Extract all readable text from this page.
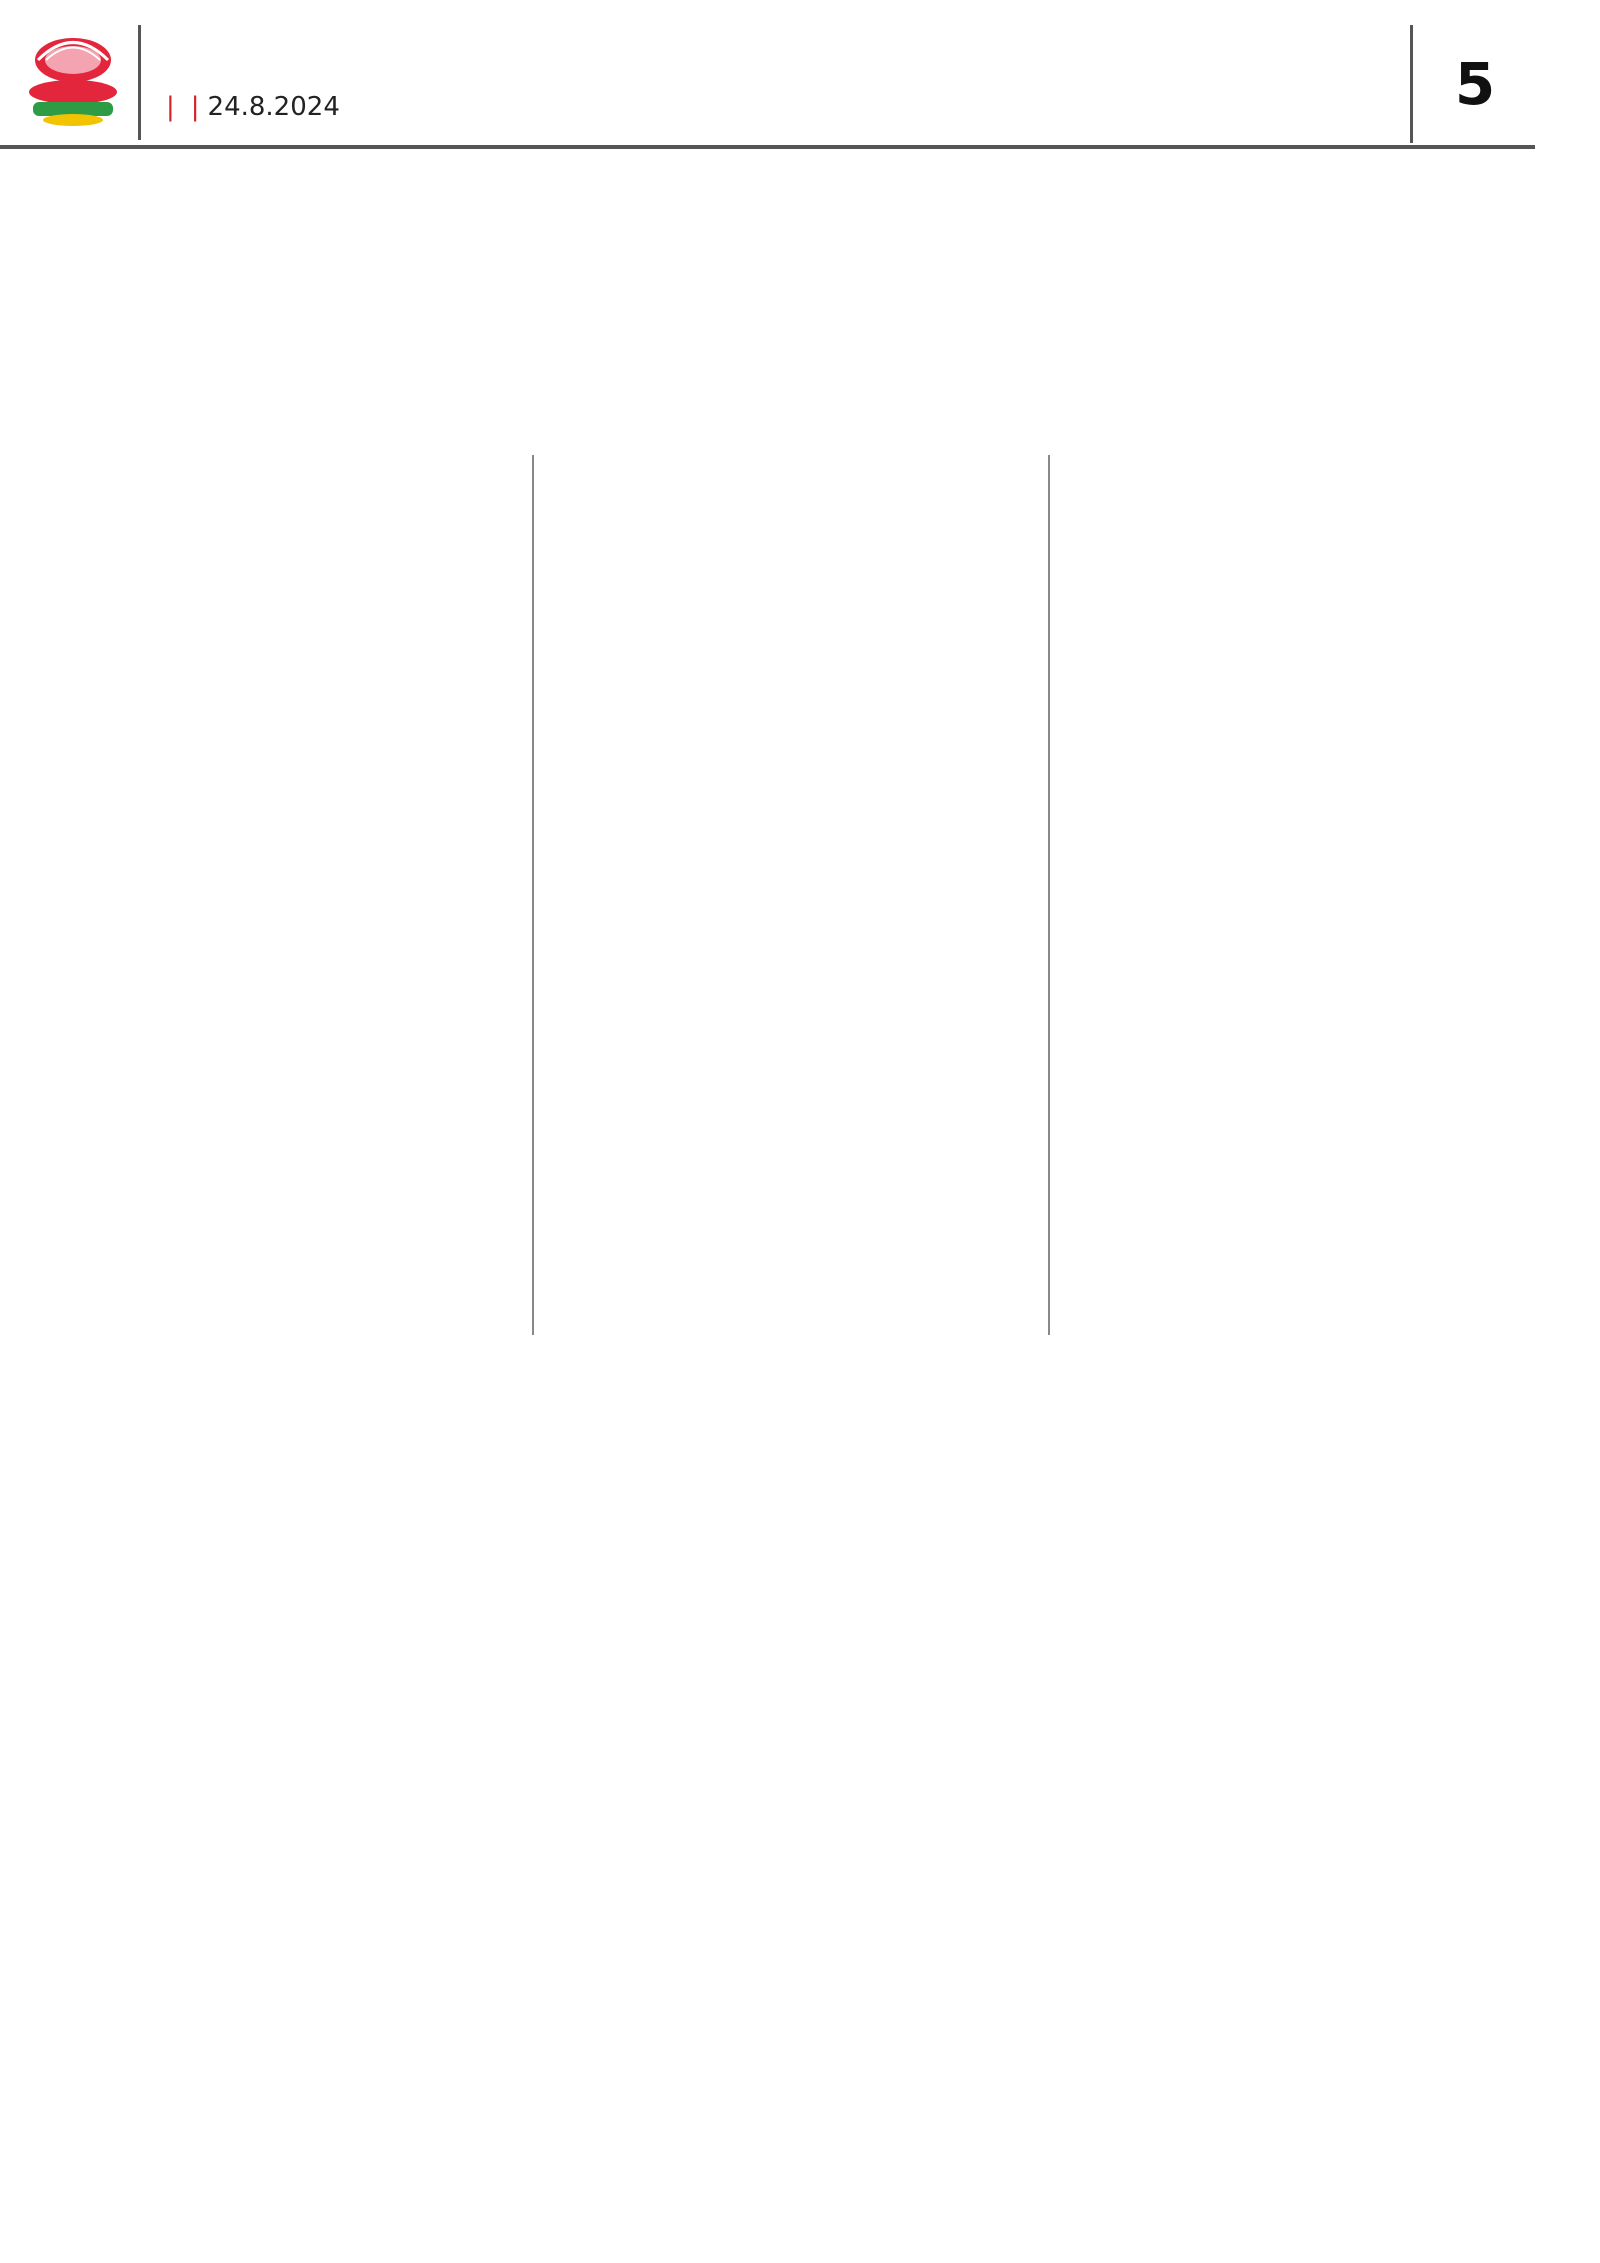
| | 24.8.2024	5
